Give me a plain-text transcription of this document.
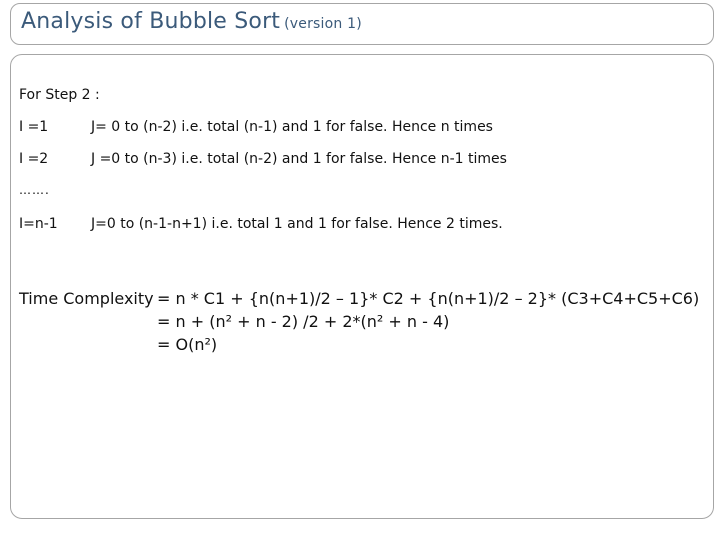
Analysis of Bubble Sort (version 1)
For Step 2 :
I =1	J= 0 to (n-2) i.e. total (n-1) and 1 for false. Hence n times
I =2	J =0 to (n-3) i.e. total (n-2) and 1 for false. Hence n-1 times
…….
I=n-1 J=0 to (n-1-n+1) i.e. total 1 and 1 for false. Hence 2 times.
Time Complexity = n * C1 + {n(n+1)/2 – 1}* C2 + {n(n+1)/2 – 2}* (C3+C4+C5+C6)
= n + (n² + n - 2) /2 + 2*(n² + n - 4)
= O(n²)
